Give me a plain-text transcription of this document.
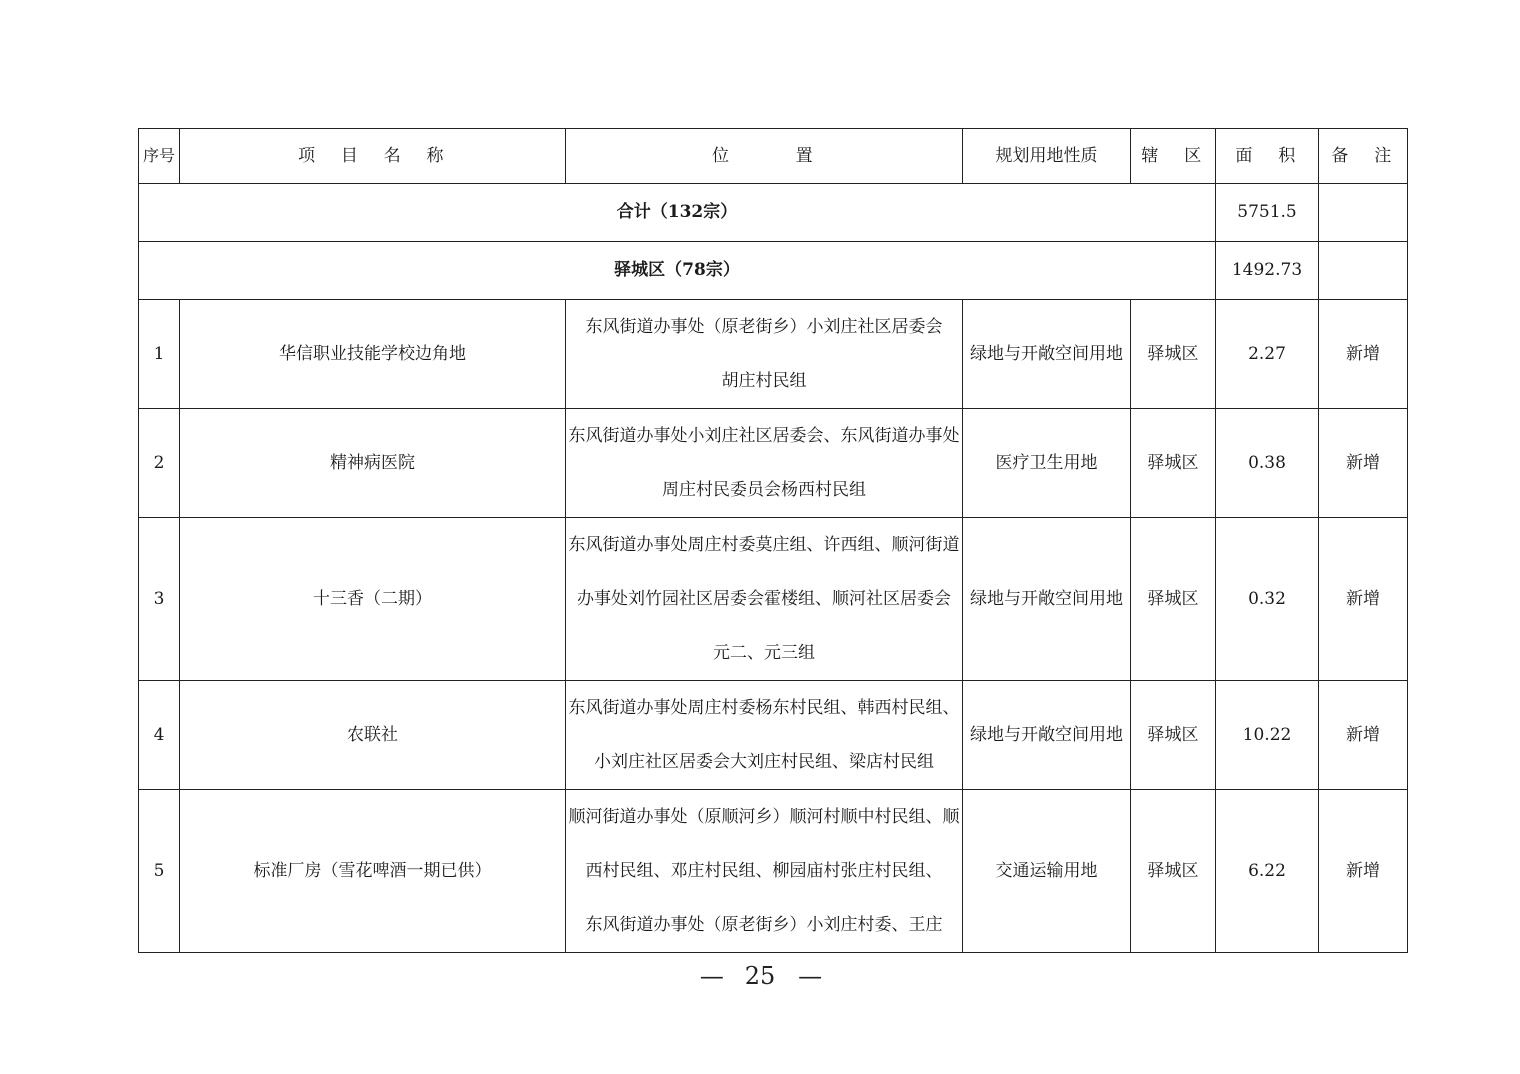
序号	项 目 名 称	位 置	规划用地性质	辖 区	面 积	备 注
合计（132宗）					5751.5	
驿城区（78宗）					1492.73	
1	华信职业技能学校边角地	东风街道办事处（原老街乡）小刘庄社区居委会
胡庄村民组	绿地与开敞空间用地	驿城区	2.27	新增
2	精神病医院	东风街道办事处小刘庄社区居委会、东风街道办事处
周庄村民委员会杨西村民组	医疗卫生用地	驿城区	0.38	新增
3	十三香（二期）	东风街道办事处周庄村委莫庄组、许西组、顺河街道
办事处刘竹园社区居委会霍楼组、顺河社区居委会
元二、元三组	绿地与开敞空间用地	驿城区	0.32	新增
4	农联社	东风街道办事处周庄村委杨东村民组、韩西村民组、
小刘庄社区居委会大刘庄村民组、梁店村民组	绿地与开敞空间用地	驿城区	10.22	新增
5	标准厂房（雪花啤酒一期已供）	顺河街道办事处（原顺河乡）顺河村顺中村民组、顺
西村民组、邓庄村民组、柳园庙村张庄村民组、
东风街道办事处（原老街乡）小刘庄村委、王庄	交通运输用地	驿城区	6.22	新增
— 25 —
